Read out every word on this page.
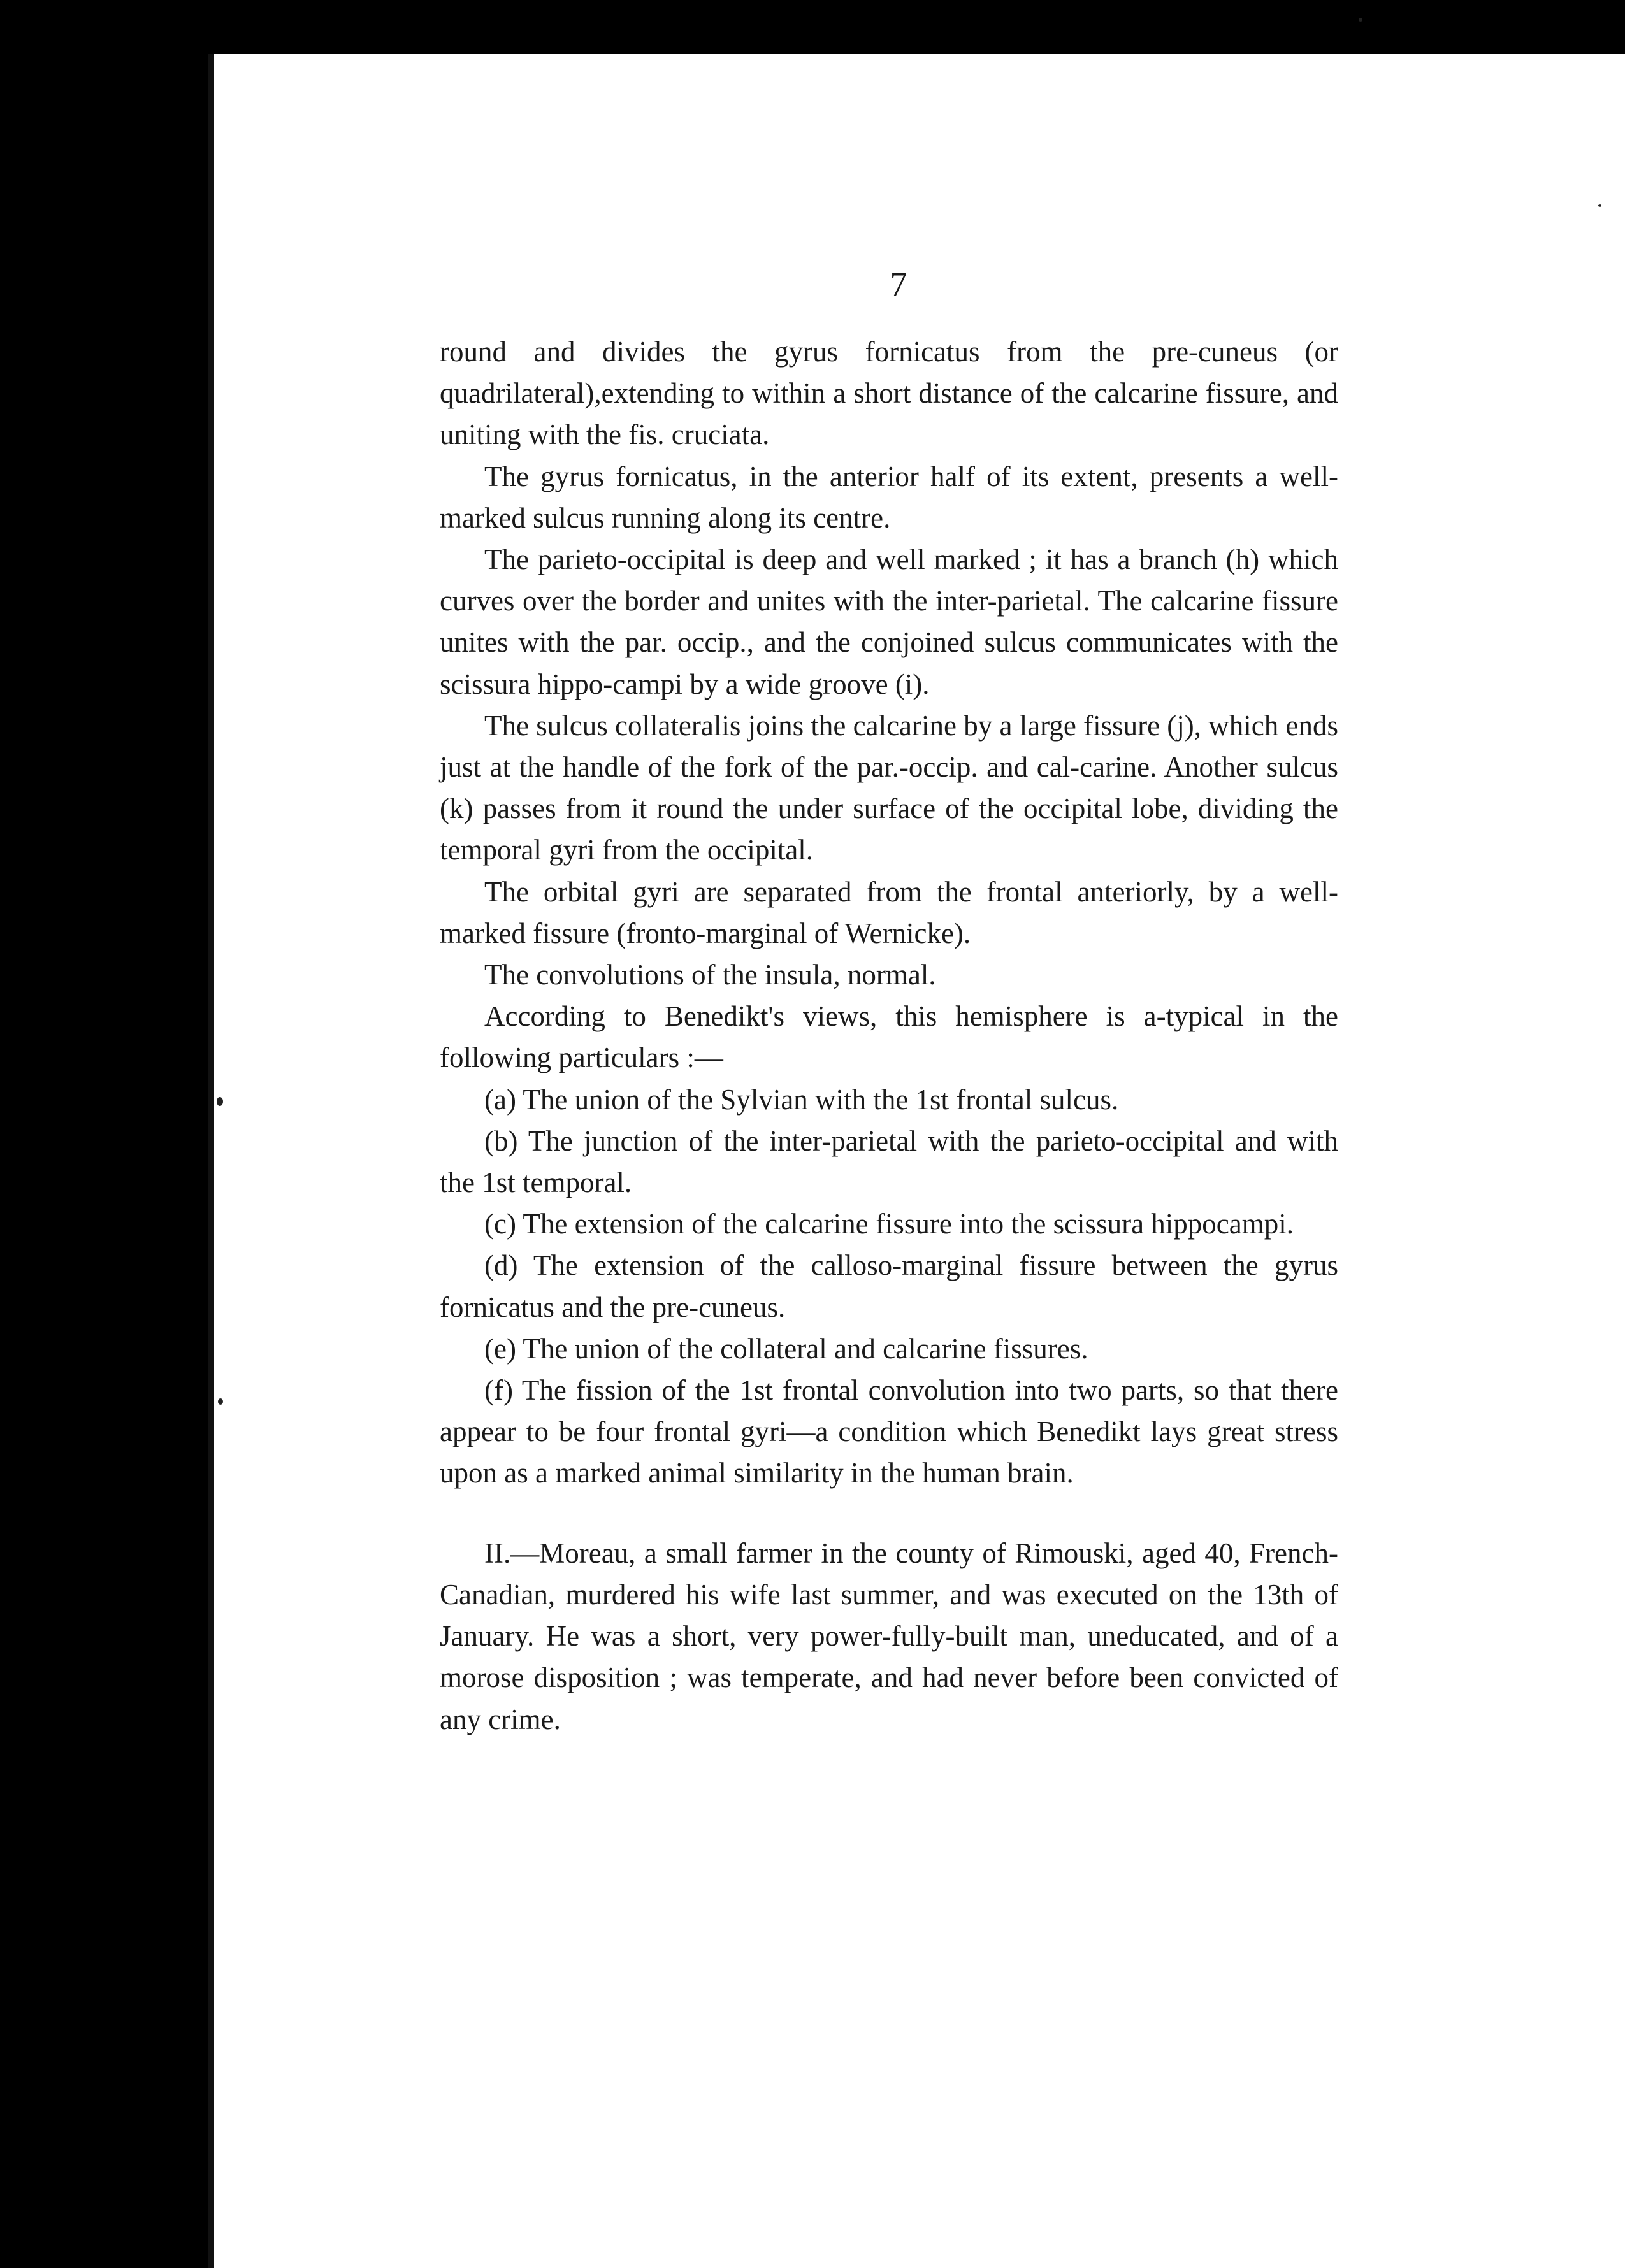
7

round and divides the gyrus fornicatus from the pre-cuneus (or quadrilateral),extending to within a short distance of the calcarine fissure, and uniting with the fis. cruciata.

The gyrus fornicatus, in the anterior half of its extent, presents a well-marked sulcus running along its centre.

The parieto-occipital is deep and well marked ; it has a branch (h) which curves over the border and unites with the inter-parietal. The calcarine fissure unites with the par. occip., and the conjoined sulcus communicates with the scissura hippo-campi by a wide groove (i).

The sulcus collateralis joins the calcarine by a large fissure (j), which ends just at the handle of the fork of the par.-occip. and cal-carine. Another sulcus (k) passes from it round the under surface of the occipital lobe, dividing the temporal gyri from the occipital.

The orbital gyri are separated from the frontal anteriorly, by a well-marked fissure (fronto-marginal of Wernicke).

The convolutions of the insula, normal.

According to Benedikt's views, this hemisphere is a-typical in the following particulars :—

(a) The union of the Sylvian with the 1st frontal sulcus.

(b) The junction of the inter-parietal with the parieto-occipital and with the 1st temporal.

(c) The extension of the calcarine fissure into the scissura hippocampi.

(d) The extension of the calloso-marginal fissure between the gyrus fornicatus and the pre-cuneus.

(e) The union of the collateral and calcarine fissures.

(f) The fission of the 1st frontal convolution into two parts, so that there appear to be four frontal gyri—a condition which Benedikt lays great stress upon as a marked animal similarity in the human brain.

II.—Moreau, a small farmer in the county of Rimouski, aged 40, French-Canadian, murdered his wife last summer, and was executed on the 13th of January. He was a short, very power-fully-built man, uneducated, and of a morose disposition ; was temperate, and had never before been convicted of any crime.
